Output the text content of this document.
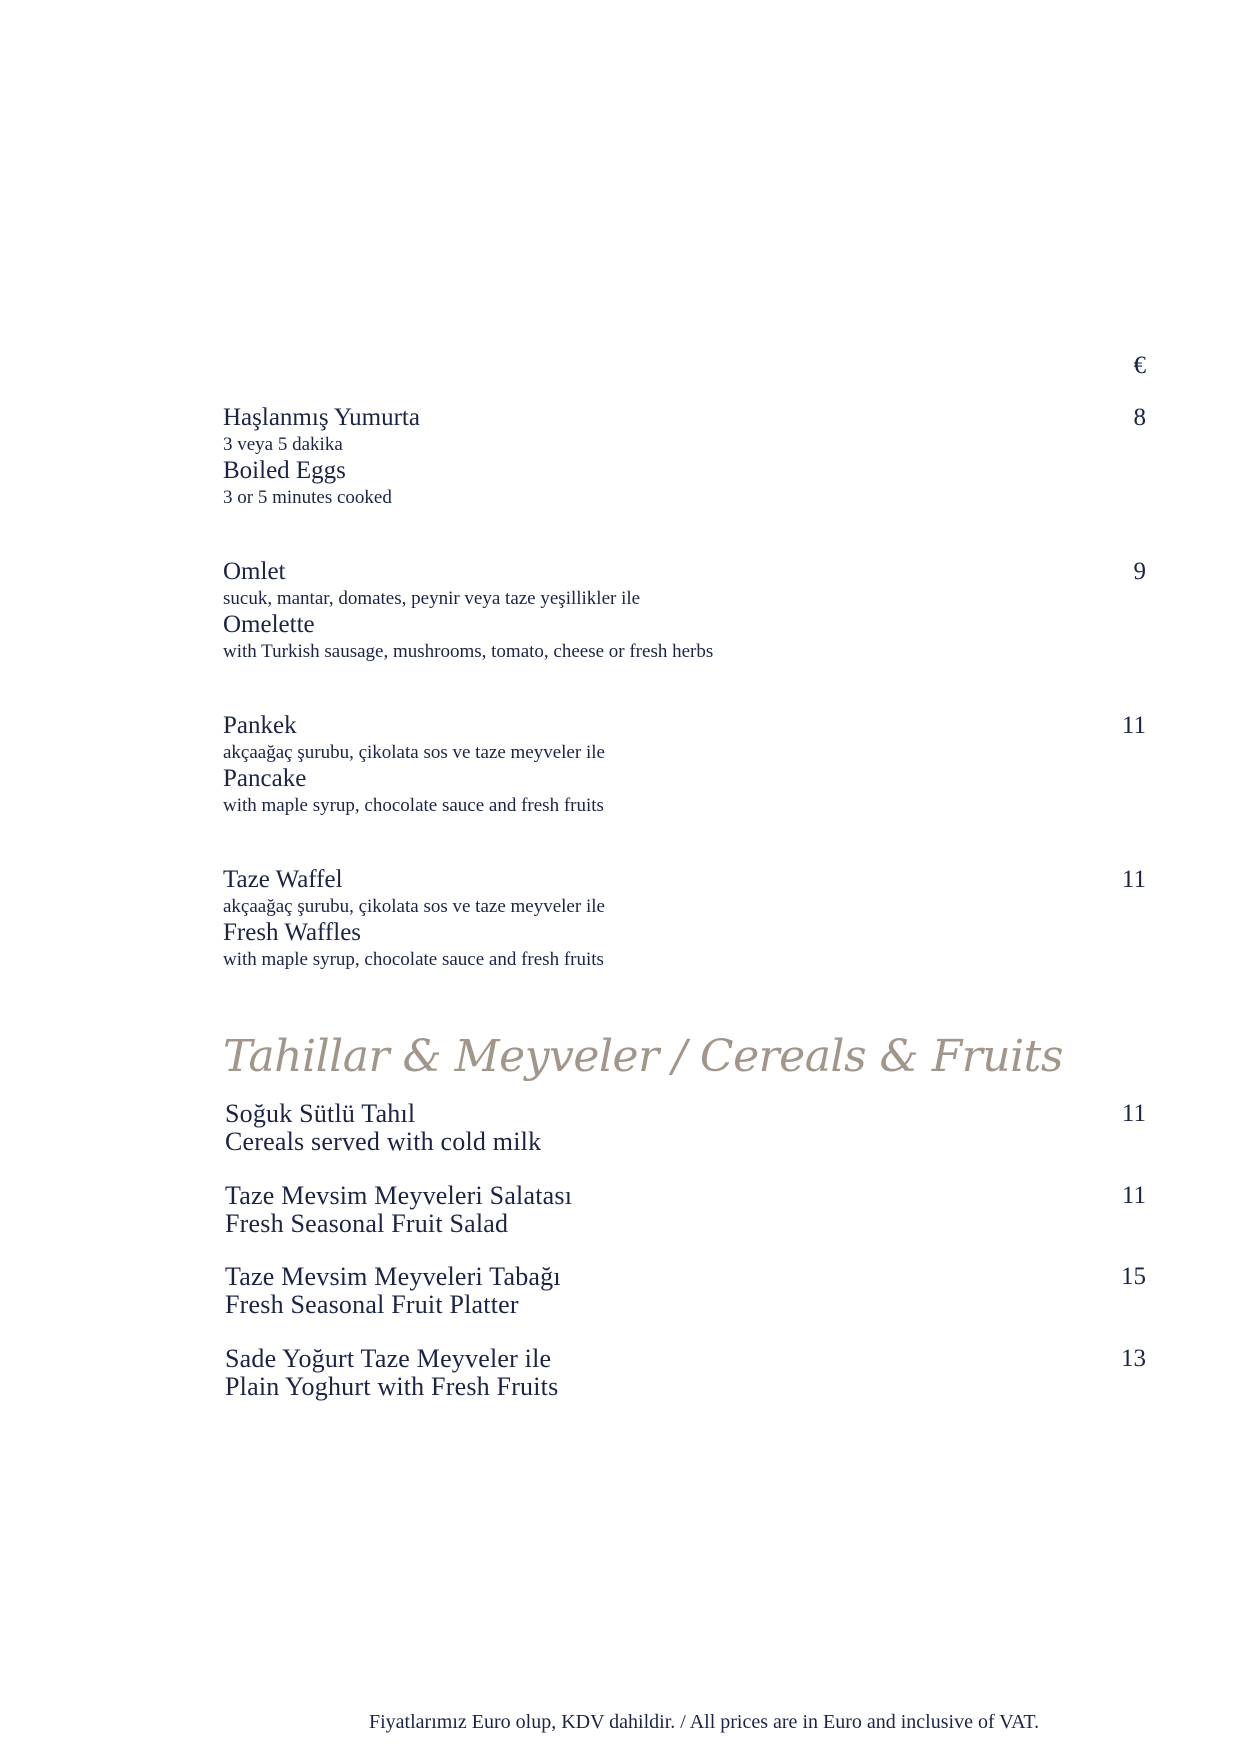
€
Haşlanmış Yumurta
3 veya 5 dakika
Boiled Eggs
3 or 5 minutes cooked
8
Omlet
sucuk, mantar, domates, peynir veya taze yeşillikler ile
Omelette
with Turkish sausage, mushrooms, tomato, cheese or fresh herbs
9
Pankek
akçaağaç şurubu, çikolata sos ve taze meyveler ile
Pancake
with maple syrup, chocolate sauce and fresh fruits
11
Taze Waffel
akçaağaç şurubu, çikolata sos ve taze meyveler ile
Fresh Waffles
with maple syrup, chocolate sauce and fresh fruits
11
Tahillar & Meyveler / Cereals & Fruits
Soğuk Sütlü Tahıl
Cereals served with cold milk
11
Taze Mevsim Meyveleri Salatası
Fresh Seasonal Fruit Salad
11
Taze Mevsim Meyveleri Tabağı
Fresh Seasonal Fruit Platter
15
Sade Yoğurt Taze Meyveler ile
Plain Yoghurt with Fresh Fruits
13
Fiyatlarımız Euro olup, KDV dahildir. / All prices are in Euro and inclusive of VAT.
